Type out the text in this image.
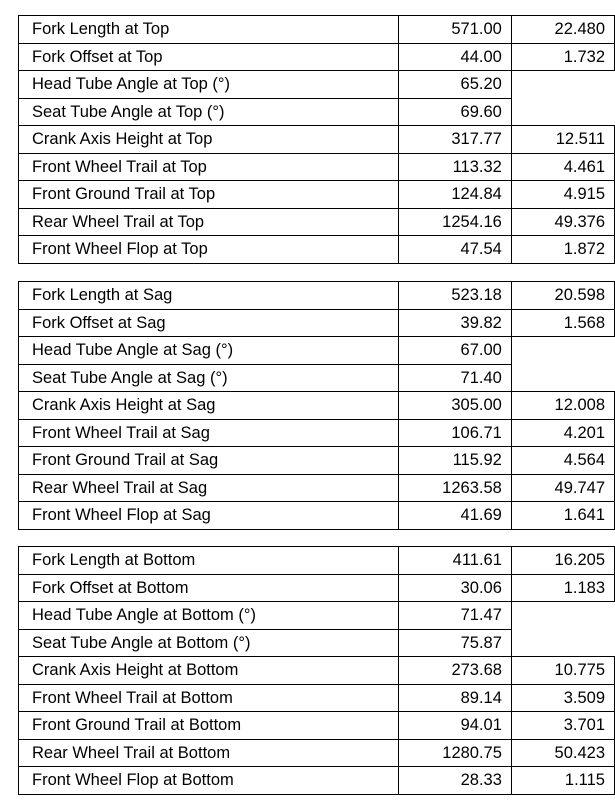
Fork Length at Top	571.00	22.480
Fork Offset at Top	44.00	1.732
Head Tube Angle at Top (°)	65.20	
Seat Tube Angle at Top (°)	69.60	
Crank Axis Height at Top	317.77	12.511
Front Wheel Trail at Top	113.32	4.461
Front Ground Trail at Top	124.84	4.915
Rear Wheel Trail at Top	1254.16	49.376
Front Wheel Flop at Top	47.54	1.872
Fork Length at Sag	523.18	20.598
Fork Offset at Sag	39.82	1.568
Head Tube Angle at Sag (°)	67.00	
Seat Tube Angle at Sag (°)	71.40	
Crank Axis Height at Sag	305.00	12.008
Front Wheel Trail at Sag	106.71	4.201
Front Ground Trail at Sag	115.92	4.564
Rear Wheel Trail at Sag	1263.58	49.747
Front Wheel Flop at Sag	41.69	1.641
Fork Length at Bottom	411.61	16.205
Fork Offset at Bottom	30.06	1.183
Head Tube Angle at Bottom (°)	71.47	
Seat Tube Angle at Bottom (°)	75.87	
Crank Axis Height at Bottom	273.68	10.775
Front Wheel Trail at Bottom	89.14	3.509
Front Ground Trail at Bottom	94.01	3.701
Rear Wheel Trail at Bottom	1280.75	50.423
Front Wheel Flop at Bottom	28.33	1.115
